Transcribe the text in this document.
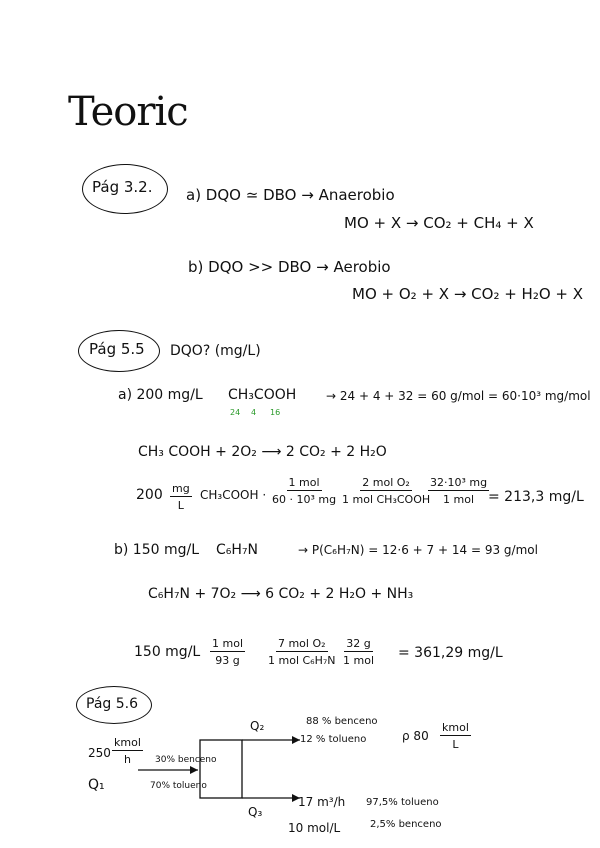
Teoric
Pág 3.2. a) DQO ≃ DBO → Anaerobio
MO + X → CO₂ + CH₄ + X
b) DQO >> DBO → Aerobio
MO + O₂ + X → CO₂ + H₂O + X
Pág 5.5 DQO? (mg/L)
a) 200 mg/L CH₃COOH
24 4 16
→ 24 + 4 + 32 = 60 g/mol = 60·10³ mg/mol
CH₃ COOH + 2O₂ ⟶ 2 CO₂ + 2 H₂O
$200 \frac{mg}{L}$ CH₃COOH ·
1 mol
60 · 10³ mg
2 mol O₂
1 mol CH₃COOH
32·10³ mg
1 mol = 213,3 mg/L
b) 150 mg/L C₆H₇N	→ P(C₆H₇N) = 12·6 + 7 + 14 = 93 g/mol
C₆H₇N + 7O₂ ⟶ 6 CO₂ + 2 H₂O + NH₃
150 mg/L
1 mol
93 g
7 mol O₂
1 mol C₆H₇N
32 g
1 mol = 361,29 mg/L
Pág 5.6
250
kmol
h
Q₁
30% benceno
70% tolueno
Q₂	88 % benceno
12 % tolueno	ρ 80
kmol
L
Q₃
17 m³/h
10 mol/L
97,5% tolueno
2,5% benceno
